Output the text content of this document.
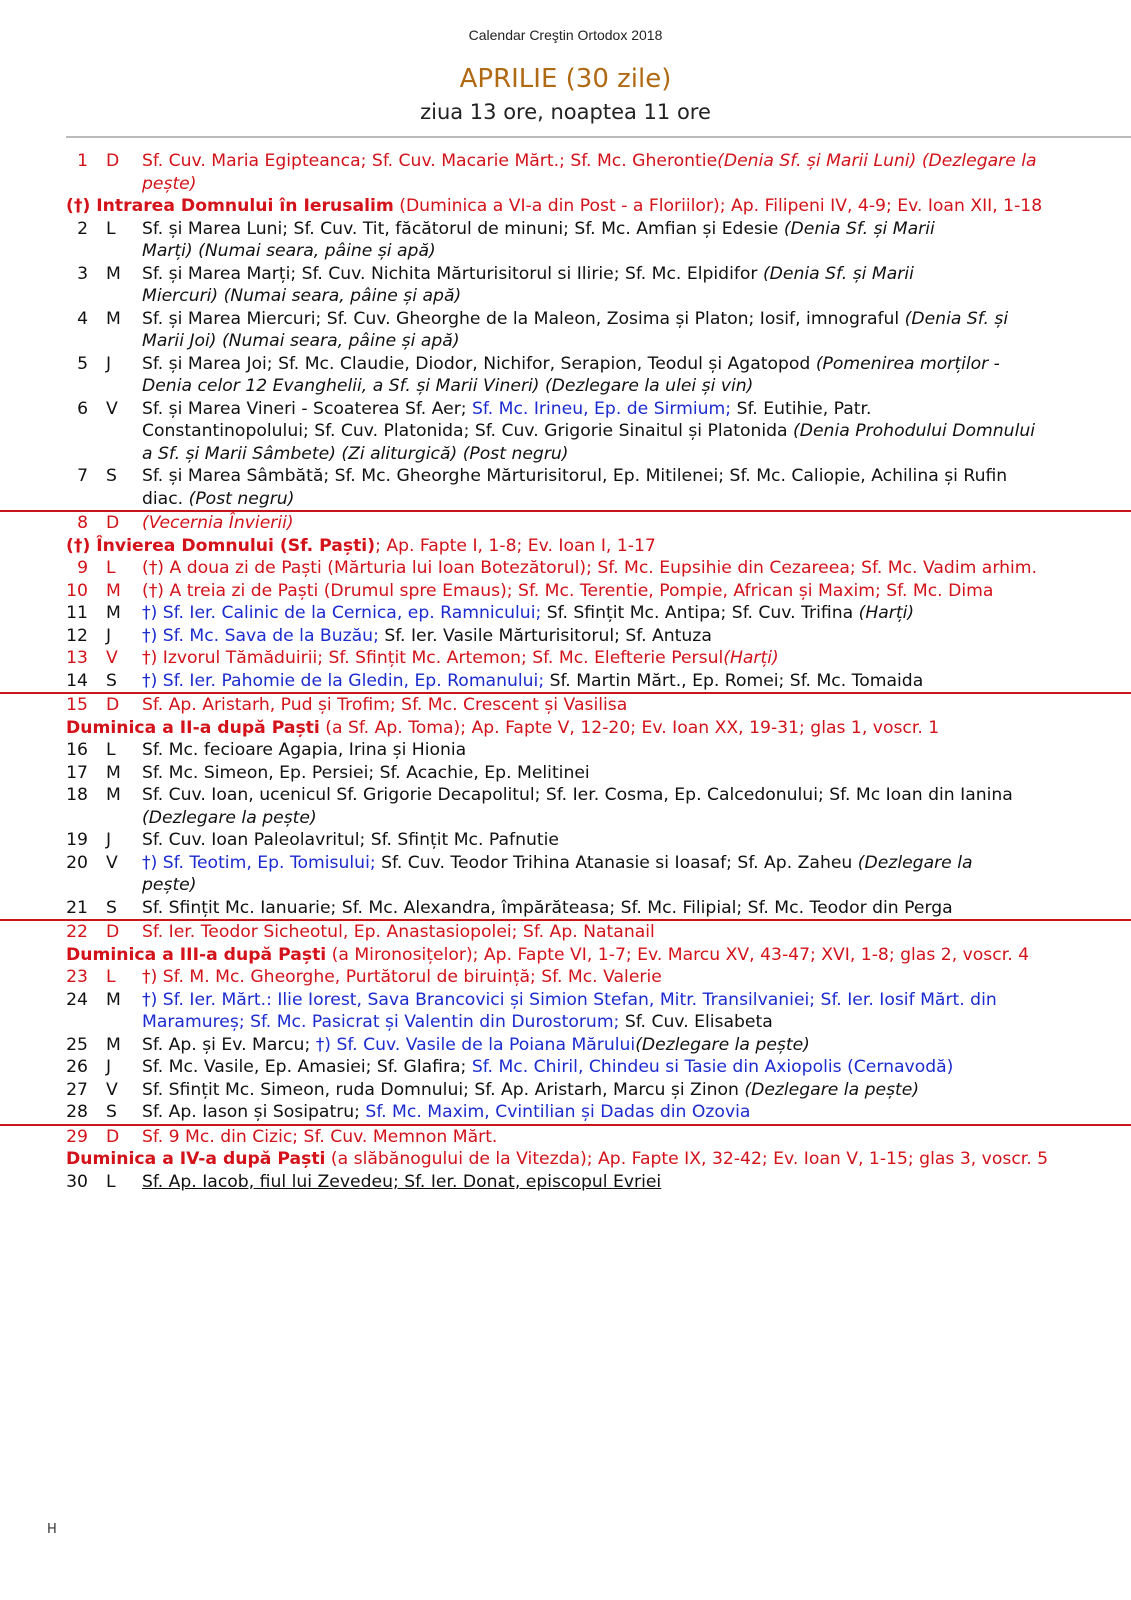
Calendar Creştin Ortodox 2018
APRILIE (30 zile)
ziua 13 ore, noaptea 11 ore
1	D	Sf. Cuv. Maria Egipteanca; Sf. Cuv. Macarie Mărt.; Sf. Mc. Gherontie(Denia Sf. și Marii Luni) (Dezlegare la
pește)
(†) Intrarea Domnului în Ierusalim (Duminica a VI-a din Post - a Floriilor); Ap. Filipeni IV, 4-9; Ev. Ioan XII, 1-18
2	L	Sf. și Marea Luni; Sf. Cuv. Tit, făcătorul de minuni; Sf. Mc. Amfian și Edesie (Denia Sf. și Marii
Marți) (Numai seara, pâine și apă)
3	M	Sf. și Marea Marți; Sf. Cuv. Nichita Mărturisitorul si Ilirie; Sf. Mc. Elpidifor (Denia Sf. și Marii
Miercuri) (Numai seara, pâine și apă)
4	M	Sf. și Marea Miercuri; Sf. Cuv. Gheorghe de la Maleon, Zosima și Platon; Iosif, imnograful (Denia Sf. și
Marii Joi) (Numai seara, pâine și apă)
5	J	Sf. și Marea Joi; Sf. Mc. Claudie, Diodor, Nichifor, Serapion, Teodul și Agatopod (Pomenirea morților -
Denia celor 12 Evanghelii, a Sf. și Marii Vineri) (Dezlegare la ulei și vin)
6	V	Sf. și Marea Vineri - Scoaterea Sf. Aer; Sf. Mc. Irineu, Ep. de Sirmium; Sf. Eutihie, Patr.
Constantinopolului; Sf. Cuv. Platonida; Sf. Cuv. Grigorie Sinaitul și Platonida (Denia Prohodului Domnului
a Sf. și Marii Sâmbete) (Zi aliturgică) (Post negru)
7	S	Sf. și Marea Sâmbătă; Sf. Mc. Gheorghe Mărturisitorul, Ep. Mitilenei; Sf. Mc. Caliopie, Achilina și Rufin
diac. (Post negru)
8	D	(Vecernia Învierii)
(†) Învierea Domnului (Sf. Paști); Ap. Fapte I, 1-8; Ev. Ioan I, 1-17
9	L	(†) A doua zi de Paști (Mărturia lui Ioan Botezătorul); Sf. Mc. Eupsihie din Cezareea; Sf. Mc. Vadim arhim.
10	M	(†) A treia zi de Paști (Drumul spre Emaus); Sf. Mc. Terentie, Pompie, African și Maxim; Sf. Mc. Dima
11	M	†) Sf. Ier. Calinic de la Cernica, ep. Ramnicului; Sf. Sfințit Mc. Antipa; Sf. Cuv. Trifina (Harți)
12	J	†) Sf. Mc. Sava de la Buzău; Sf. Ier. Vasile Mărturisitorul; Sf. Antuza
13	V	†) Izvorul Tămăduirii; Sf. Sfințit Mc. Artemon; Sf. Mc. Elefterie Persul(Harți)
14	S	†) Sf. Ier. Pahomie de la Gledin, Ep. Romanului; Sf. Martin Mărt., Ep. Romei; Sf. Mc. Tomaida
15	D	Sf. Ap. Aristarh, Pud și Trofim; Sf. Mc. Crescent și Vasilisa
Duminica a II-a după Paști (a Sf. Ap. Toma); Ap. Fapte V, 12-20; Ev. Ioan XX, 19-31; glas 1, voscr. 1
16	L	Sf. Mc. fecioare Agapia, Irina și Hionia
17	M	Sf. Mc. Simeon, Ep. Persiei; Sf. Acachie, Ep. Melitinei
18	M	Sf. Cuv. Ioan, ucenicul Sf. Grigorie Decapolitul; Sf. Ier. Cosma, Ep. Calcedonului; Sf. Mc Ioan din Ianina
(Dezlegare la pește)
19	J	Sf. Cuv. Ioan Paleolavritul; Sf. Sfințit Mc. Pafnutie
20	V	†) Sf. Teotim, Ep. Tomisului; Sf. Cuv. Teodor Trihina Atanasie si Ioasaf; Sf. Ap. Zaheu (Dezlegare la
pește)
21	S	Sf. Sfințit Mc. Ianuarie; Sf. Mc. Alexandra, împărăteasa; Sf. Mc. Filipial; Sf. Mc. Teodor din Perga
22	D	Sf. Ier. Teodor Sicheotul, Ep. Anastasiopolei; Sf. Ap. Natanail
Duminica a III-a după Paști (a Mironosițelor); Ap. Fapte VI, 1-7; Ev. Marcu XV, 43-47; XVI, 1-8; glas 2, voscr. 4
23	L	†) Sf. M. Mc. Gheorghe, Purtătorul de biruință; Sf. Mc. Valerie
24	M	†) Sf. Ier. Mărt.: Ilie Iorest, Sava Brancovici și Simion Stefan, Mitr. Transilvaniei; Sf. Ier. Iosif Mărt. din
Maramureș; Sf. Mc. Pasicrat și Valentin din Durostorum; Sf. Cuv. Elisabeta
25	M	Sf. Ap. și Ev. Marcu; †) Sf. Cuv. Vasile de la Poiana Mărului(Dezlegare la pește)
26	J	Sf. Mc. Vasile, Ep. Amasiei; Sf. Glafira; Sf. Mc. Chiril, Chindeu si Tasie din Axiopolis (Cernavodă)
27	V	Sf. Sfințit Mc. Simeon, ruda Domnului; Sf. Ap. Aristarh, Marcu și Zinon (Dezlegare la pește)
28	S	Sf. Ap. Iason și Sosipatru; Sf. Mc. Maxim, Cvintilian și Dadas din Ozovia
29	D	Sf. 9 Mc. din Cizic; Sf. Cuv. Memnon Mărt.
Duminica a IV-a după Paști (a slăbănogului de la Vitezda); Ap. Fapte IX, 32-42; Ev. Ioan V, 1-15; glas 3, voscr. 5
30	L	Sf. Ap. Iacob, fiul lui Zevedeu; Sf. Ier. Donat, episcopul Evriei
H
